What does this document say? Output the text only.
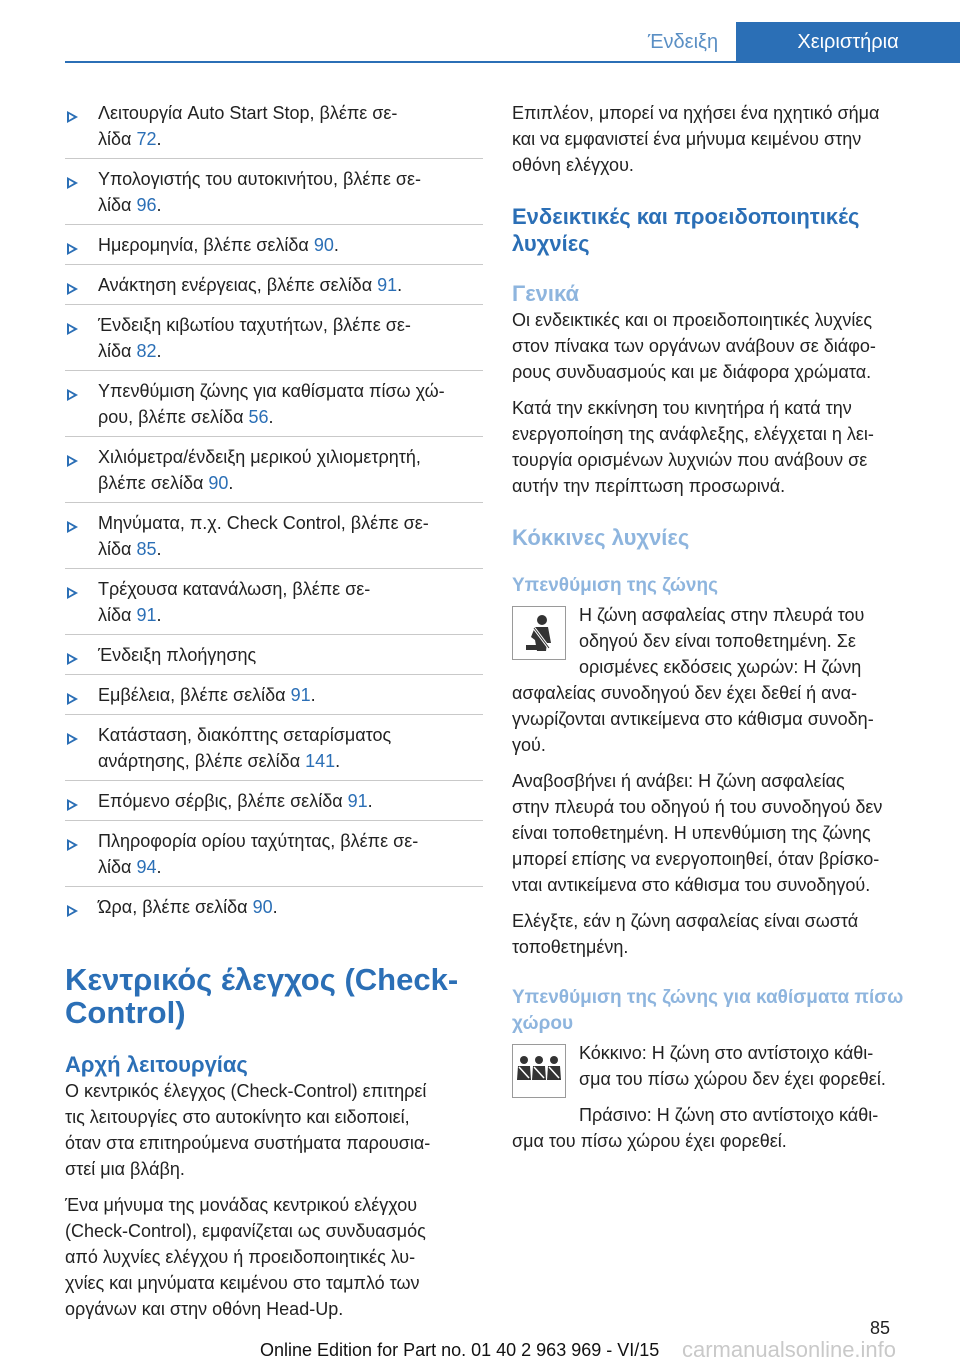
Ένδειξη	Χειριστήρια
Λειτουργία Auto Start Stop, βλέπε σε-
λίδα 72.
Υπολογιστής του αυτοκινήτου, βλέπε σε-
λίδα 96.
Ημερομηνία, βλέπε σελίδα 90.
Ανάκτηση ενέργειας, βλέπε σελίδα 91.
Ένδειξη κιβωτίου ταχυτήτων, βλέπε σε-
λίδα 82.
Υπενθύμιση ζώνης για καθίσματα πίσω χώ-
ρου, βλέπε σελίδα 56.
Χιλιόμετρα/ένδειξη μερικού χιλιομετρητή,
βλέπε σελίδα 90.
Μηνύματα, π.χ. Check Control, βλέπε σε-
λίδα 85.
Τρέχουσα κατανάλωση, βλέπε σε-
λίδα 91.
Ένδειξη πλοήγησης
Εμβέλεια, βλέπε σελίδα 91.
Κατάσταση, διακόπτης σεταρίσματος
ανάρτησης, βλέπε σελίδα 141.
Επόμενο σέρβις, βλέπε σελίδα 91.
Πληροφορία ορίου ταχύτητας, βλέπε σε-
λίδα 94.
Ώρα, βλέπε σελίδα 90.
Κεντρικός έλεγχος (Check-
Control)
Αρχή λειτουργίας

Ο κεντρικός έλεγχος (Check-Control) επιτηρεί
τις λειτουργίες στο αυτοκίνητο και ειδοποιεί,
όταν στα επιτηρούμενα συστήματα παρουσια-
στεί μια βλάβη.

Ένα μήνυμα της μονάδας κεντρικού ελέγχου
(Check-Control), εμφανίζεται ως συνδυασμός
από λυχνίες ελέγχου ή προειδοποιητικές λυ-
χνίες και μηνύματα κειμένου στο ταμπλό των
οργάνων και στην οθόνη Head-Up.

Επιπλέον, μπορεί να ηχήσει ένα ηχητικό σήμα
και να εμφανιστεί ένα μήνυμα κειμένου στην
οθόνη ελέγχου.

Ενδεικτικές και προειδοποιητικές
λυχνίες
Γενικά

Οι ενδεικτικές και οι προειδοποιητικές λυχνίες
στον πίνακα των οργάνων ανάβουν σε διάφο-
ρους συνδυασμούς και με διάφορα χρώματα.

Κατά την εκκίνηση του κινητήρα ή κατά την
ενεργοποίηση της ανάφλεξης, ελέγχεται η λει-
τουργία ορισμένων λυχνιών που ανάβουν σε
αυτήν την περίπτωση προσωρινά.

Κόκκινες λυχνίες
Υπενθύμιση της ζώνης

Η ζώνη ασφαλείας στην πλευρά του
οδηγού δεν είναι τοποθετημένη. Σε
ορισμένες εκδόσεις χωρών: Η ζώνη
ασφαλείας συνοδηγού δεν έχει δεθεί ή ανα-
γνωρίζονται αντικείμενα στο κάθισμα συνοδη-
γού.

Αναβοσβήνει ή ανάβει: Η ζώνη ασφαλείας
στην πλευρά του οδηγού ή του συνοδηγού δεν
είναι τοποθετημένη. Η υπενθύμιση της ζώνης
μπορεί επίσης να ενεργοποιηθεί, όταν βρίσκο-
νται αντικείμενα στο κάθισμα του συνοδηγού.

Ελέγξτε, εάν η ζώνη ασφαλείας είναι σωστά
τοποθετημένη.

Υπενθύμιση της ζώνης για καθίσματα πίσω
χώρου

Κόκκινο: Η ζώνη στο αντίστοιχο κάθι-
σμα του πίσω χώρου δεν έχει φορεθεί.

Πράσινο: Η ζώνη στο αντίστοιχο κάθι-
σμα του πίσω χώρου έχει φορεθεί.

85
Online Edition for Part no. 01 40 2 963 969 - VI/15 carmanualsonline.info
